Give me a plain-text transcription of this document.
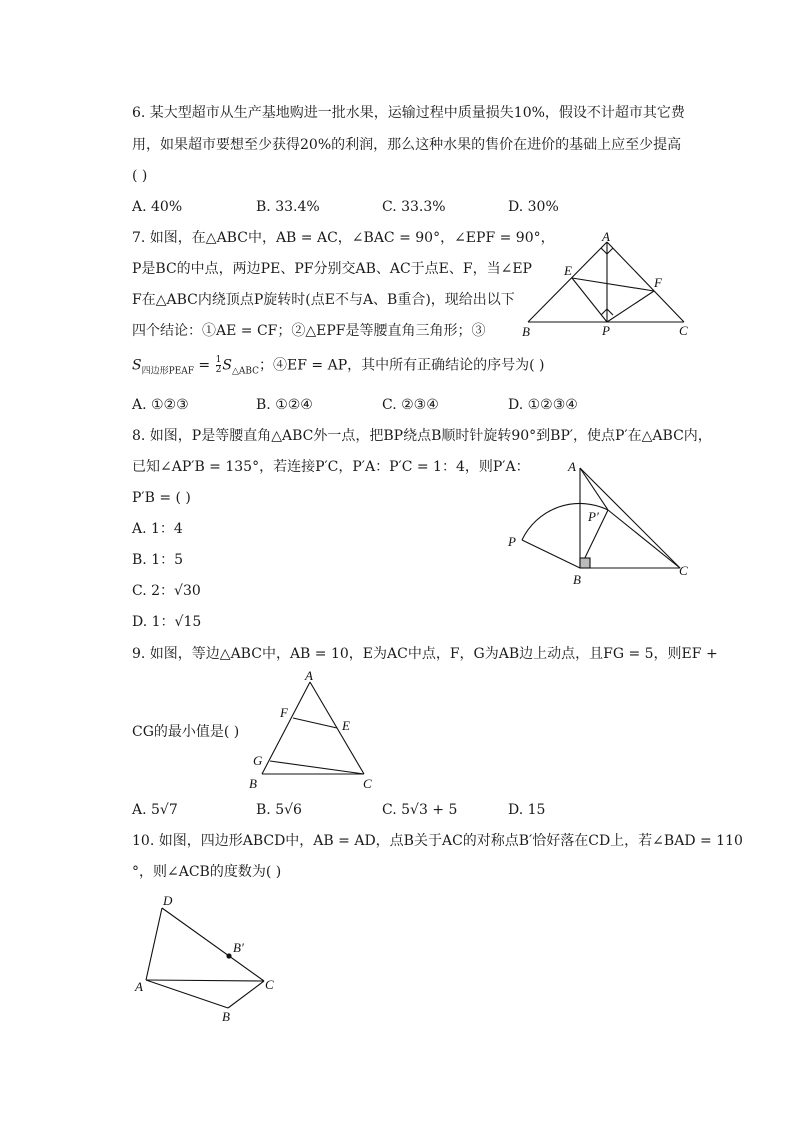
6. 某大型超市从生产基地购进一批水果，运输过程中质量损失10%，假设不计超市其它费
用，如果超市要想至少获得20%的利润，那么这种水果的售价在进价的基础上应至少提高
( )
A. 40%	B. 33.4%	C. 33.3%	D. 30%
7. 如图，在△ABC中，AB = AC，∠BAC = 90°，∠EPF = 90°，
P是BC的中点，两边PE、PF分别交AB、AC于点E、F，当∠EP
F在△ABC内绕顶点P旋转时(点E不与A、B重合)，现给出以下
四个结论：①AE = CF；②△EPF是等腰直角三角形；③
$S_{四边形PEAF} = \frac{1}{2} S_{\triangle ABC}$；④EF = AP，其中所有正确结论的序号为( )
A. ①②③	B. ①②④	C. ②③④	D. ①②③④
A
E
F
B	P	C
8. 如图，P是等腰直角△ABC外一点，把BP绕点B顺时针旋转90°到BP′，使点P′在△ABC内，
已知∠AP′B = 135°，若连接P′C，P′A：P′C = 1：4，则P′A：
P′B = ( )
A. 1：4
B. 1：5
C. 2：√30
D. 1：√15
A
P′
P
B
C
9. 如图，等边△ABC中，AB = 10，E为AC中点，F，G为AB边上动点，且FG = 5，则EF +
CG的最小值是( )
A. 5√7	B. 5√6	C. 5√3 + 5	D. 15
A
F
E
G
B	C
10. 如图，四边形ABCD中，AB = AD，点B关于AC的对称点B′恰好落在CD上，若∠BAD = 110
°，则∠ACB的度数为( )
D
B′
A	C
B
